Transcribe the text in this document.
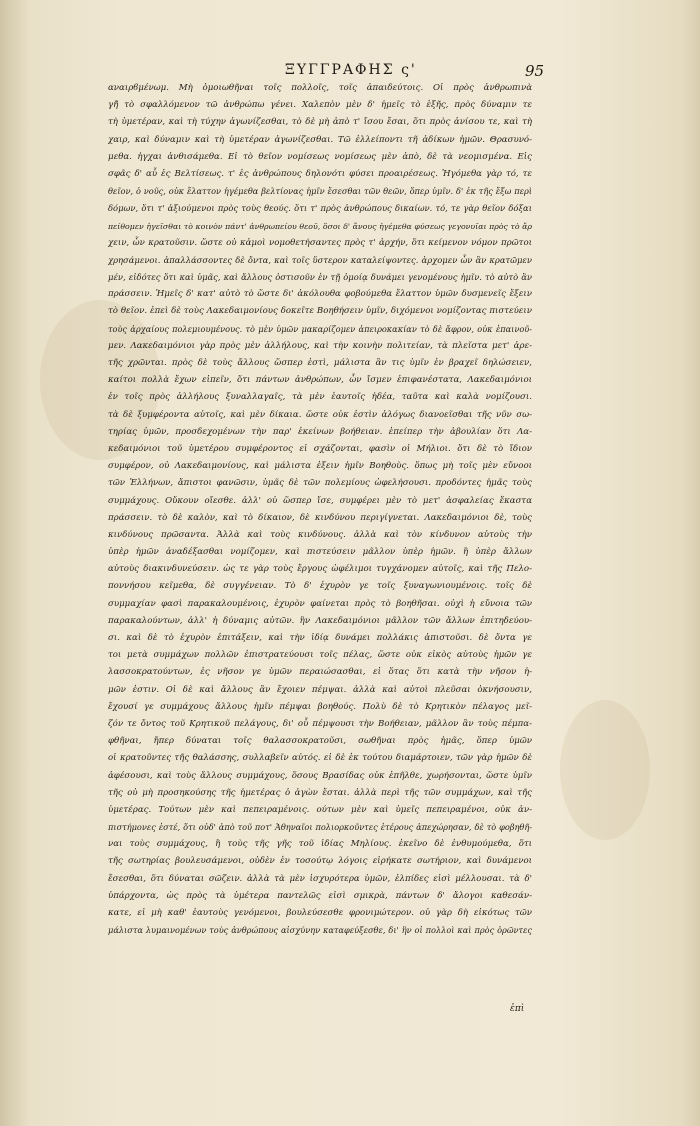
ΞΥΓΓΡΑΦΗΣ ς'	95
αναιρϐμένωμ. Μὴ ὁμοιωθῆναι τοῖς πολλοῖς, τοῖς ἀπαιδεύτοις. Οἱ πρὸς ἀνθρωπινὰ
γῆ̃ τὸ σφαλλόμενον τῶ ἀνθρώπω γένει. Χαλεπὸν μὲν δ' ἡμεῖς τὸ ἑξῆς, πρὸς δύναμιν τε
τὴ ὑμετέραν, καὶ τὴ τύχην ἀγωνίζεσθαι, τὸ δὲ μὴ ἀπὸ τ' ἴσου ἔσαι, ὅτι πρὸς ἀνίσου τε, καὶ τὴ
χαιρ, καὶ δύναμιν καὶ τὴ ὑμετέραν ἀγωνίζεσθαι. Τῶ ἐλλείποντι τῆ ἀδίκων ἡμῶν. Θρασυνό-
μεθα. ἡγχαι ἀνθισάμεθα. Εἰ τὸ θεῖον νομίσεως νομίσεως μὲν ἀπὸ, δὲ τὰ νεομισμένα. Εἰς
σφᾶς δ' αὖ ἐς Βελτίσεως. τ' ἐς ἀνθρώπους δηλονότι φύσει προαιρέσεως. Ἡγόμεθα γὰρ τό, τε
θεῖον, ὁ νοῦς, οὐκ ἔλαττον ἡγέμεθα βελτίονας ἡμῖν ἔσεσθαι τῶν θεῶν, ὅπερ ὑμῖν. δ' ἐκ τῆς ἔξω περὶ
δόμων, ὅτι τ' ἀξιούμενοι πρὸς τοὺς θεούς. ὅτι τ' πρὸς ἀνθρώπους δικαίων. τό, τε γὰρ θεῖον δόξαι
πείθομεν ἡγεῖσθαι τὸ κοινὸν πάντ' ἀνθρωπείου θεοῦ, ὅσοι δ' ἄνους ἡγέμεθα φύσεως γεγονυῖαι πρὸς τὸ ἄρ
χειν, ὧν κρατοῦσιν. ὥστε οὐ κἀμοὶ νομοθετήσαντες πρὸς τ' ἀρχήν, ὅτι κείμενον νόμον πρῶτοι
χρησάμενοι. ἀπαλλάσσοντες δὲ ὄντα, καὶ τοῖς ὕστερον καταλείψοντες. ἀρχομεν ὧν ἂν κρατῶμεν
μέν, εἰδότες ὅτι καὶ ὑμᾶς, καὶ ἄλλους ὁστισοῦν ἐν τῇ ὁμοίᾳ δυνάμει γενομένους ἡμῖν. τὸ αὐτὸ ἂν
πράσσειν. Ἡμεῖς δ' κατ' αὐτὸ τὸ ὥστε δι' ἀκόλουθα φοβούμεθα ἔλαττον ὑμῶν δυσμενεῖς ἔξειν
τὸ θεῖον. ἐπεὶ δὲ τοὺς Λακεδαιμονίους δοκεῖτε Βοηθήσειν ὑμῖν, διχόμενοι νομίζοντας πιστεύειν
τοὺς ἀρχαίους πολεμιουμένους. τὸ μὲν ὑμῶν μακαρίζομεν ἀπειροκακίαν τὸ δὲ ἄφρον, οὐκ ἐπαινοῦ-
μεν. Λακεδαιμόνιοι γὰρ πρὸς μὲν ἀλλήλους, καὶ τὴν κοινὴν πολιτείαν, τὰ πλεῖστα μετ' ἀρε-
τῆς χρῶνται. πρὸς δὲ τοὺς ἄλλους ὥσπερ ἐστὶ, μάλιστα ἂν τις ὑμῖν ἐν βραχεῖ δηλώσειεν,
καίτοι πολλὰ ἔχων εἰπεῖν, ὅτι πάντων ἀνθρώπων, ὧν ἴσμεν ἐπιφανέστατα, Λακεδαιμόνιοι
ἐν τοῖς πρὸς ἀλλήλους ξυναλλαγαῖς, τὰ μὲν ἑαυτοῖς ἡδέα, ταῦτα καὶ καλὰ νομίζουσι.
τὰ δὲ ξυμφέροντα αὐτοῖς, καὶ μὲν δίκαια. ὥστε οὐκ ἐστὶν ἀλόγως διανοεῖσθαι τῆς νῦν σω-
τηρίας ὑμῶν, προσδεχομένων τὴν παρ' ἐκείνων βοήθειαν. ἐπείπερ τὴν ἀβουλίαν ὅτι Λα-
κεδαιμόνιοι τοῦ ὑμετέρου συμφέροντος εἰ σχάζονται, φασὶν οἱ Μήλιοι. ὅτι δὲ τὸ ἴδιον
συμφέρον, οὐ Λακεδαιμονίους, καὶ μάλιστα ἐξειν ἡμῖν Βοηθοὺς. ὅπως μὴ τοῖς μὲν εὔνοοι
τῶν Ἑλλήνων, ἄπιστοι φανῶσιν, ὑμᾶς δὲ τῶν πολεμίους ὠφελήσουσι. προδόντες ἡμᾶς τοὺς
συμμάχους. Οὔκουν οἴεσθε. ἀλλ' οὐ ὥσπερ ἴσε, συμφέρει μὲν τὸ μετ' ἀσφαλείας ἕκαστα
πράσσειν. τὸ δὲ καλὸν, καὶ τὸ δίκαιον, δὲ κινδύνου περιγίγνεται. Λακεδαιμόνιοι δὲ, τοὺς
κινδύνους πρῶσαντα. Ἀλλὰ καὶ τοὺς κινδύνους. ἀλλὰ καὶ τὸν κίνδυνον αὐτοὺς τὴν
ὑπὲρ ἡμῶν ἀναδέξασθαι νομίζομεν, καὶ πιστεύσειν μᾶλλον ὑπὲρ ἡμῶν. ἢ ὑπὲρ ἄλλων
αὐτοὺς διακινδυνεύσειν. ὡς τε γὰρ τοὺς ἔργους ὠφέλιμοι τυγχάνομεν αὐτοῖς, καὶ τῆς Πελο-
ποννήσου κεῖμεθα, δὲ συγγένειαν. Τὸ δ' ἐχυρὸν γε τοῖς ξυναγωνιουμένοις. τοῖς δὲ
συμμαχίαν φασὶ παρακαλουμένοις, ἐχυρὸν φαίνεται πρὸς τὸ βοηθῆσαι. οὐχὶ ἡ εὔνοια τῶν
παρακαλούντων, ἀλλ' ἡ δύναμις αὐτῶν. ἣν Λακεδαιμόνιοι μᾶλλον τῶν ἄλλων ἐπιτηδεύου-
σι. καὶ δὲ τὸ ἐχυρὸν ἐπιτάξειν, καὶ τὴν ἰδίᾳ δυνάμει πολλάκις ἀπιστοῦσι. δὲ ὄντα γε
τοι μετὰ συμμάχων πολλῶν ἐπιστρατεύουσι τοῖς πέλας, ὥστε οὐκ εἰκὸς αὐτοὺς ἡμῶν γε
λασσοκρατούντων, ἐς νῆσον γε ὑμῶν περαιώσασθαι, εἰ ὅτας ὅτι κατὰ τὴν νῆσον ἡ-
μῶν ἐστιν. Οἱ δὲ καὶ ἄλλους ἂν ἔχοιεν πέμψαι. ἀλλὰ καὶ αὐτοὶ πλεῦσαι ὀκνήσουσιν,
ἔχουσί γε συμμάχους ἄλλους ἡμῖν πέμψαι βοηθούς. Πολὺ δὲ τὸ Κρητικὸν πέλαγος μεῖ-
ζόν τε ὄντος τοῦ Κρητικοῦ πελάγους, δι' οὗ πέμψουσι τὴν Βοήθειαν, μᾶλλον ἂν τοὺς πέμπα-
φθῆναι, ἤπερ δύναται τοῖς θαλασσοκρατοῦσι, σωθῆναι πρὸς ἡμᾶς, ὅπερ ὑμῶν
οἱ κρατοῦντες τῆς θαλάσσης, συλλαβεῖν αὐτός. εἰ δὲ ἐκ τούτου διαμάρτοιεν, τῶν γὰρ ἡμῶν δὲ
ἀφέσουσι, καὶ τοὺς ἄλλους συμμάχους, ὅσους Βρασίδας οὐκ ἐπῆλθε, χωρήσονται, ὥστε ὑμῖν
τῆς οὐ μὴ προσηκούσης τῆς ἡμετέρας ὁ ἀγὼν ἔσται. ἀλλὰ περὶ τῆς τῶν συμμάχων, καὶ τῆς
ὑμετέρας. Τούτων μὲν καὶ πεπειραμένοις. ούτων μὲν καὶ ὑμεῖς πεπειραμένοι, οὐκ ἀν-
πιστήμονες ἐστέ, ὅτι οὐδ' ἀπὸ τοῦ ποτ' Ἀθηναῖοι πολιορκοῦντες ἑτέρους ἀπεχώρησαν, δὲ τὸ φοβηθῆ-
ναι τοὺς συμμάχους, ἢ τοὺς τῆς γῆς τοῦ ἰδίας Μηλίους. ἐκεῖνο δὲ ἐνθυμούμεθα, ὅτι
τῆς σωτηρίας βουλευσάμενοι, οὐδὲν ἐν τοσούτῳ λόγοις εἰρήκατε σωτήριον, καὶ δυνάμενοι
ἔσεσθαι, ὅτι δύναται σῶζειν. ἀλλὰ τὰ μὲν ἰσχυρότερα ὑμῶν, ἐλπίδες εἰσὶ μέλλουσαι. τὰ δ'
ὑπάρχοντα, ὡς πρὸς τὰ ὑμέτερα παντελῶς εἰσὶ σμικρὰ, πάντων δ' ἄλογοι καθεσάν-
κατε, εἰ μὴ καθ' ἑαυτοὺς γενόμενοι, βουλεύσεσθε φρονιμώτερον. οὐ γὰρ δὴ εἰκότως τῶν
μάλιστα λυμαινομένων τοὺς ἀνθρώπους αἰσχύνην καταφεύξεσθε, δι' ἣν οἱ πολλοὶ καὶ πρὸς ὁρῶντες
ἐπὶ
